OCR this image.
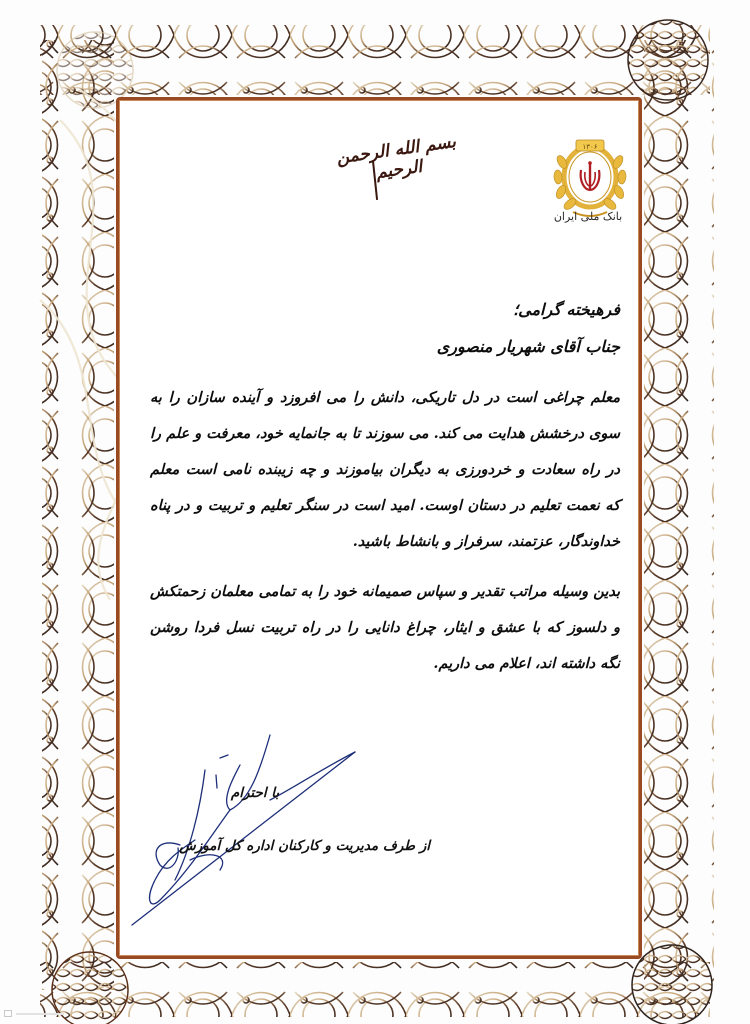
بسم الله الرحمن الرحیم
۱۳۰۶
بانک ملی ایران
فرهیخته گرامی؛
جناب آقای شهریار منصوری

معلم چراغی است در دل تاریکی، دانش را می افروزد و آینده سازان را به سوی درخشش هدایت می کند. می سوزند تا به جانمایه خود، معرفت و علم را در راه سعادت و خردورزی به دیگران بیاموزند و چه زیبنده نامی است معلم که نعمت تعلیم در دستان اوست. امید است در سنگر تعلیم و تربیت و در پناه خداوندگار، عزتمند، سرفراز و بانشاط باشید.

بدین وسیله مراتب تقدیر و سپاس صمیمانه خود را به تمامی معلمان زحمتکش و دلسوز که با عشق و ایثار، چراغ دانایی را در راه تربیت نسل فردا روشن نگه داشته اند، اعلام می داریم.

با احترام
از طرف مدیریت و کارکنان اداره کل آموزش
